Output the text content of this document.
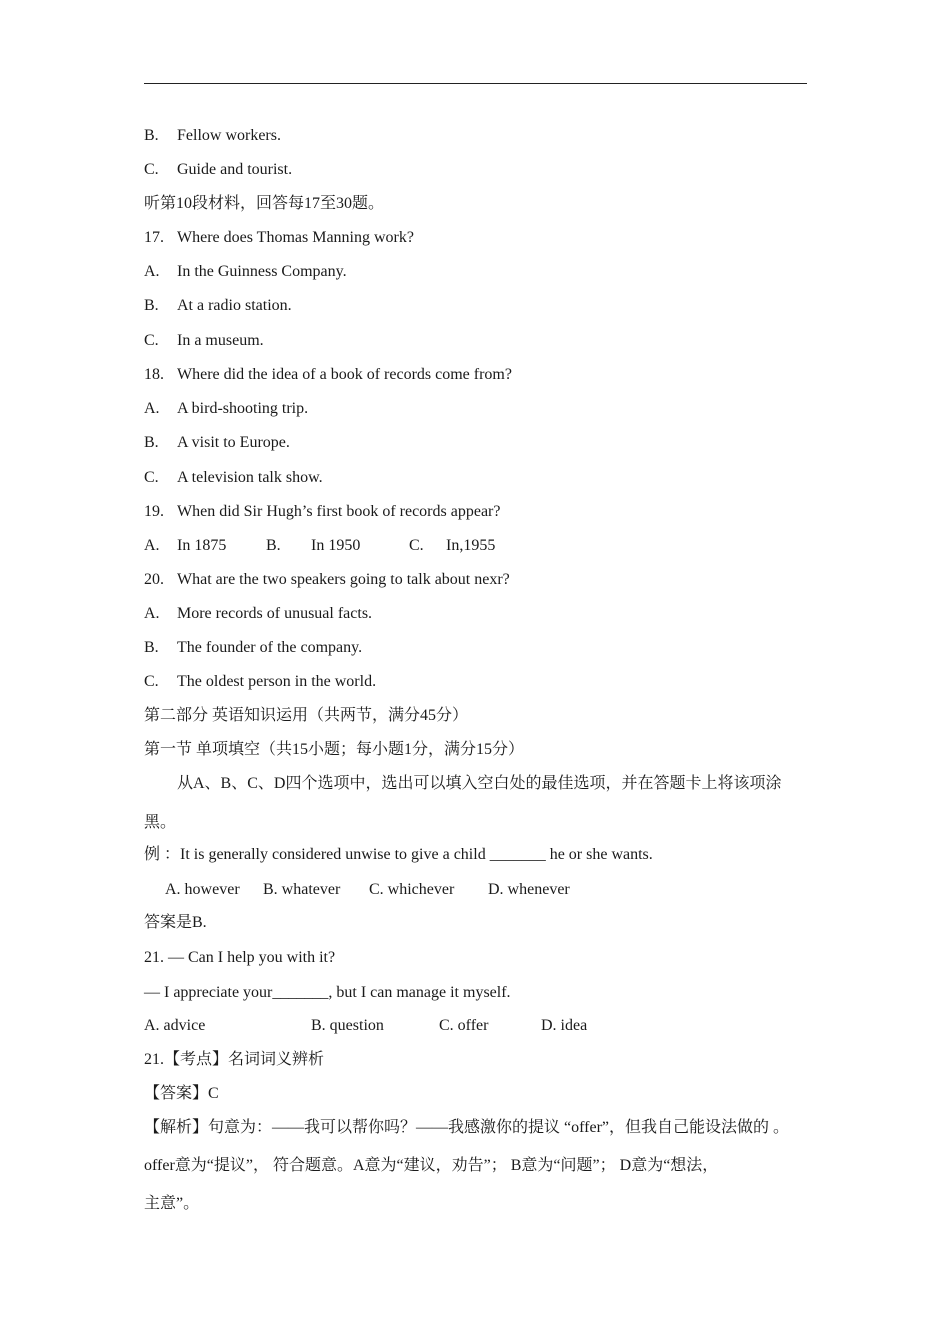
B. Fellow workers.
C. Guide and tourist.
听第10段材料，回答每17至30题。
17. Where does Thomas Manning work?
A. In the Guinness Company.
B. At a radio station.
C. In a museum.
18. Where did the idea of a book of records come from?
A. A bird-shooting trip.
B. A visit to Europe.
C. A television talk show.
19. When did Sir Hugh’s first book of records appear?
A. In 1875 B. In 1950	C. In,1955
20. What are the two speakers going to talk about nexr?
A. More records of unusual facts.
B. The founder of the company.
C. The oldest person in the world.
第二部分 英语知识运用（共两节，满分45分）
第一节 单项填空（共15小题；每小题1分，满分15分）
从A、B、C、D四个选项中，选出可以填入空白处的最佳选项，并在答题卡上将该项涂
黑。
例 ：It is generally considered unwise to give a child _______ he or she wants.
A. however B. whatever C. whichever D. whenever
答案是B.
21. — Can I help you with it?
— I appreciate your_______, but I can manage it myself.
A. advice	B. question	C. offer	D. idea
21.【考点】名词词义辨析
【答案】C
【解析】句意为：——我可以帮你吗？——我感激你的提议 “offer”，但我自己能设法做的 。
offer意为“提议”， 符合题意。A意为“建议，劝告”； B意为“问题”； D意为“想法，
主意”。
